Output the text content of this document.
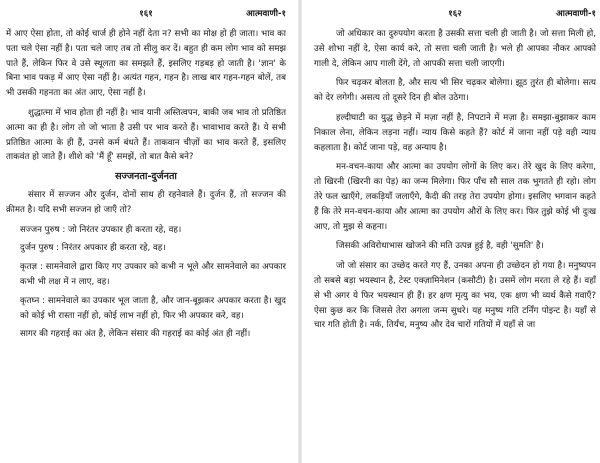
१६१	आत्मवाणी-१

में आए ऐसा होता, तो कोई चार्ज ही होने नहीं देता न? सभी का मोक्ष हो ही जाता। भाव का पता चले ऐसा नहीं है। पता चले जाए तब तो सीलु कर दें। बहुत ही कम लोग भाव को समझ पाते हैं, लेकिन फिर वे उसे स्थूलता का समझते हैं, इसलिए गड़बड़ हो जाती है। 'ज्ञान' के बिना भाव पकड़ में आए ऐसा नहीं है। अत्यंत गहन, गहन है। लाख बार गहन-गहन बोलें, तब भी उसकी गहनता का अंत आए, ऐसा नहीं है।

शुद्धात्मा में भाव होता ही नहीं है। भाव यानी अस्तित्वपन, बाकी जब भाव तो प्रतिष्ठित आत्मा का ही है। लोग तो जो भाता है उसी पर भाव करते हैं। भावाभाव करते हैं। ये सभी प्रतिष्ठित आत्मा के ही हैं, उनसे कर्म बंधते हैं। ताकवान चीज़ों का भाव करते हैं, इसलिए ताकवंत हो जाते हैं। शीशे को 'मैं हूँ' समझें, तो बात कैसे बने?

सज्जनता-दुर्जनता

संसार में सज्जन और दुर्जन, दोनों साथ ही रहनेवाले हैं। दुर्जन हैं, तो सज्जन की क़ीमत है। यदि सभी सज्जन हो जाएँ तो?

सज्जन पुरुष : जो निरंतर उपकार ही करता रहे, वह।

दुर्जन पुरुष : निरंतर अपकार ही करता रहे, वह।

कृतज्ञ : सामनेवाले द्वारा किए गए उपकार को कभी न भूले और सामनेवाले का अपकार कभी भी लक्ष में न लाए, वह।

कृतघ्न : सामनेवाले का उपकार भूल जाता है, और जान-बूझकर अपकार करता है। खुद को कोई भी रास्ता नहीं हो, कोई लाभ नहीं हो, फिर भी अपकार करे, वह।

सागर की गहराई का अंत है, लेकिन संसार की गहराई का कोई अंत ही नहीं।

१६२	आत्मवाणी-१

जो अधिकार का दुरुपयोग करता है उसकी सत्ता चली ही जाती है। जो सत्ता मिली हो, उसे शोभा नहीं दे, ऐसा कार्य करे, तो सत्ता चली जाती है। भले ही आपका नौकर आपको गाली दे, लेकिन आप गाली देंगे, तो आपकी सत्ता चली जाएगी।

फिर चढ़कर बोलता है, और सत्य भी सिर चढ़कर बोलेगा। झूठ तुरंत ही बोलेगा। सत्य को देर लगेगी। असत्य तो दूसरे दिन ही बोल उठेगा।

हल्दीघाटी का युद्ध छेड़ने में मज़ा नहीं है, निपटाने में मज़ा है। समझा-बुझाकर काम निकाल लेना, लेकिन लड़ना नहीं। न्याय किसे कहते हैं? कोर्ट में जाना नहीं पड़े वही न्याय कहलाता है। कोर्ट जाना पड़े, वह अन्याय है।

मन-वचन-काया और आत्मा का उपयोग लोगों के लिए कर। तेरे खुद के लिए करेगा, तो खिरनी (खिरनी का पेड़) का जन्म मिलेगा। फिर पाँच सौ साल तक भुगतते ही रहो। लोग तेरे फल खाएँगे, लकड़ियाँ जलाएँगे, कैदी की तरह तेरा उपयोग होगा। इसलिए भगवान कहते हैं कि तेरे मन-वचन-काया और आत्मा का उपयोग औरों के लिए कर। फिर तुझे कोई भी दुःख आए, तो मुझ से कहना।

जिसकी अविरोधाभास खोजने की मति उत्पन्न हुई है, वही 'सुमति' है।

जो जो संसार का उच्छेद करते गए हैं, उनका अपना ही उच्छेदन हो गया है। मनुष्यपन तो सबसे बड़ा भयस्थान है, टेस्ट एक्ज़ामिनेशन (कसौटी) है। उसमें लोग मरता ले रहे हैं। वहाँ से भी अगर ये फिर भयस्थान ही हैं। हर क्षण मृत्यु का भय, एक क्षण भी व्यर्थ कैसे गवाएँ? ऐसा कुछ कर कि जिससे तेरा अगला जन्म सुधरे। यह मनुष्य गति टर्निंग पोइन्ट है। यहाँ से चार गति होती है। नर्क, तिर्यंच, मनुष्य और देव चारों गतियों में यहाँ से जा
